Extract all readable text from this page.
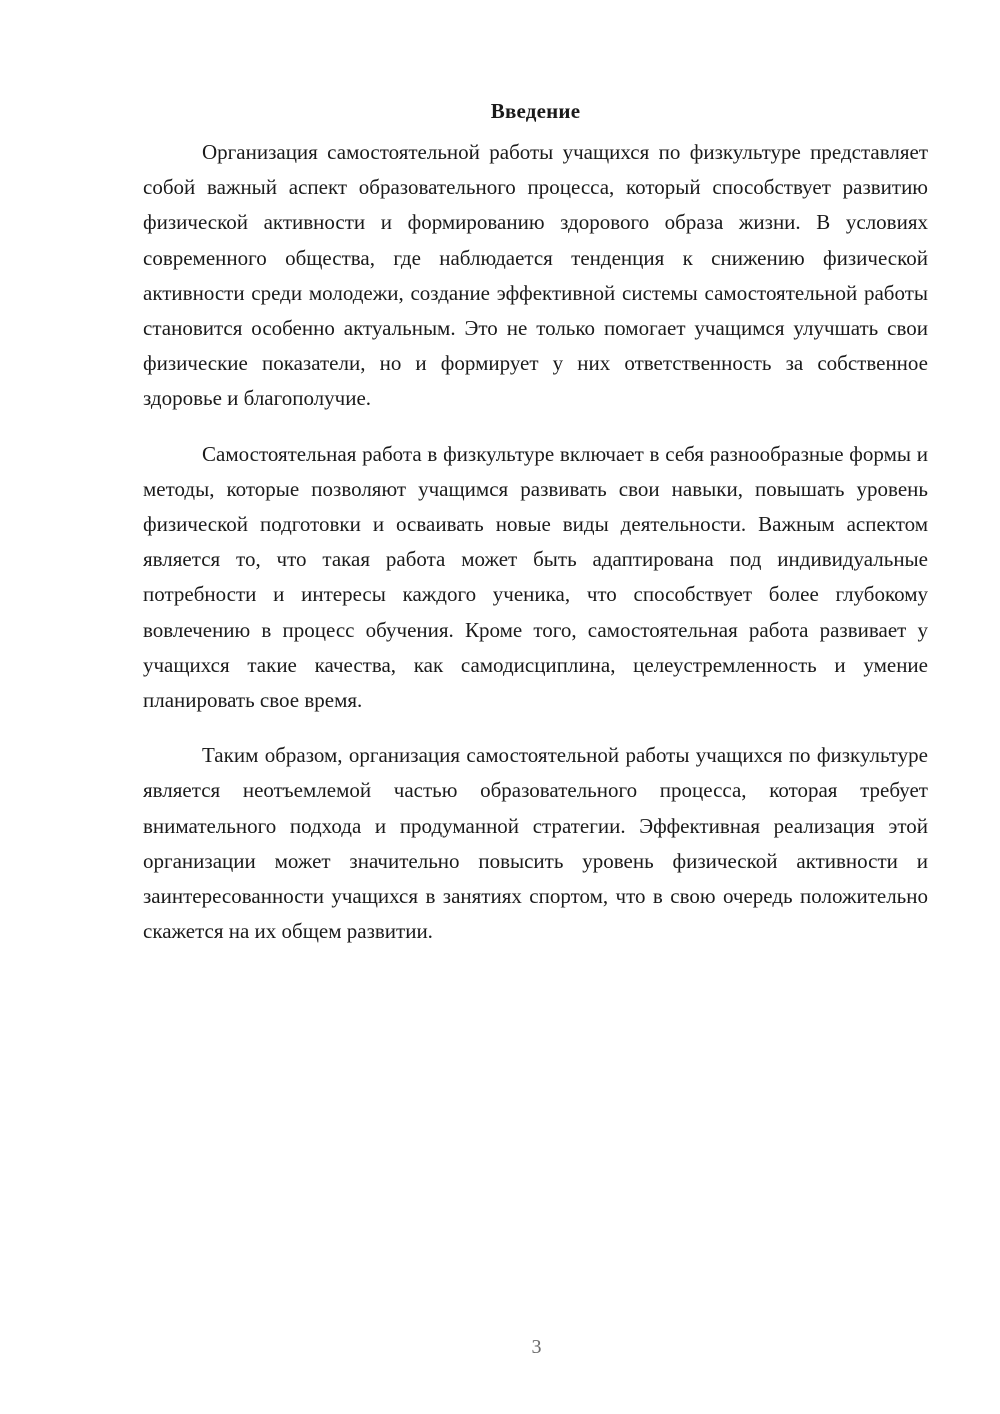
Введение

Организация самостоятельной работы учащихся по физкультуре представляет собой важный аспект образовательного процесса, который способствует развитию физической активности и формированию здорового образа жизни. В условиях современного общества, где наблюдается тенденция к снижению физической активности среди молодежи, создание эффективной системы самостоятельной работы становится особенно актуальным. Это не только помогает учащимся улучшать свои физические показатели, но и формирует у них ответственность за собственное здоровье и благополучие.

Самостоятельная работа в физкультуре включает в себя разнообразные формы и методы, которые позволяют учащимся развивать свои навыки, повышать уровень физической подготовки и осваивать новые виды деятельности. Важным аспектом является то, что такая работа может быть адаптирована под индивидуальные потребности и интересы каждого ученика, что способствует более глубокому вовлечению в процесс обучения. Кроме того, самостоятельная работа развивает у учащихся такие качества, как самодисциплина, целеустремленность и умение планировать свое время.

Таким образом, организация самостоятельной работы учащихся по физкультуре является неотъемлемой частью образовательного процесса, которая требует внимательного подхода и продуманной стратегии. Эффективная реализация этой организации может значительно повысить уровень физической активности и заинтересованности учащихся в занятиях спортом, что в свою очередь положительно скажется на их общем развитии.

3
